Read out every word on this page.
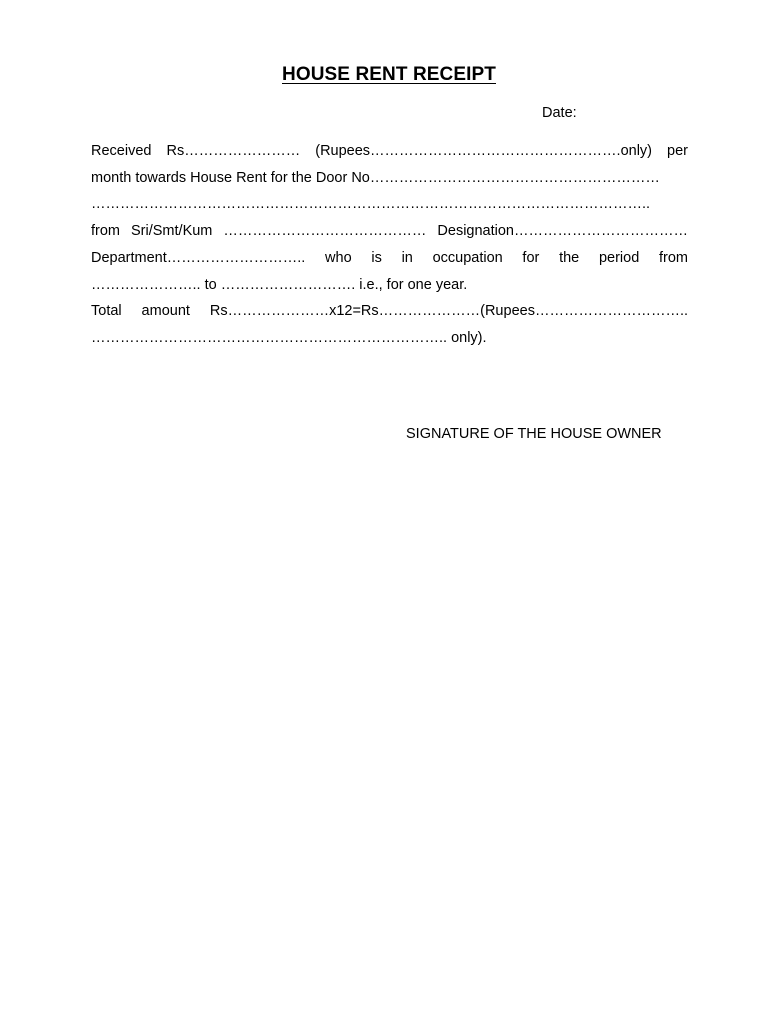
HOUSE RENT RECEIPT
Date:

Received Rs…………………… (Rupees…………………………………………….only) per

month towards House Rent for the Door No……………………………………………………

……………………………………………………………………………………………………..

from Sri/Smt/Kum …………………………………… Designation………………………………

Department……………………….. who is in occupation for the period from

………………….. to ………………………. i.e., for one year.

Total amount Rs…………………x12=Rs…………………(Rupees…………………………..

……………………………………………………………….. only).

SIGNATURE OF THE HOUSE OWNER
